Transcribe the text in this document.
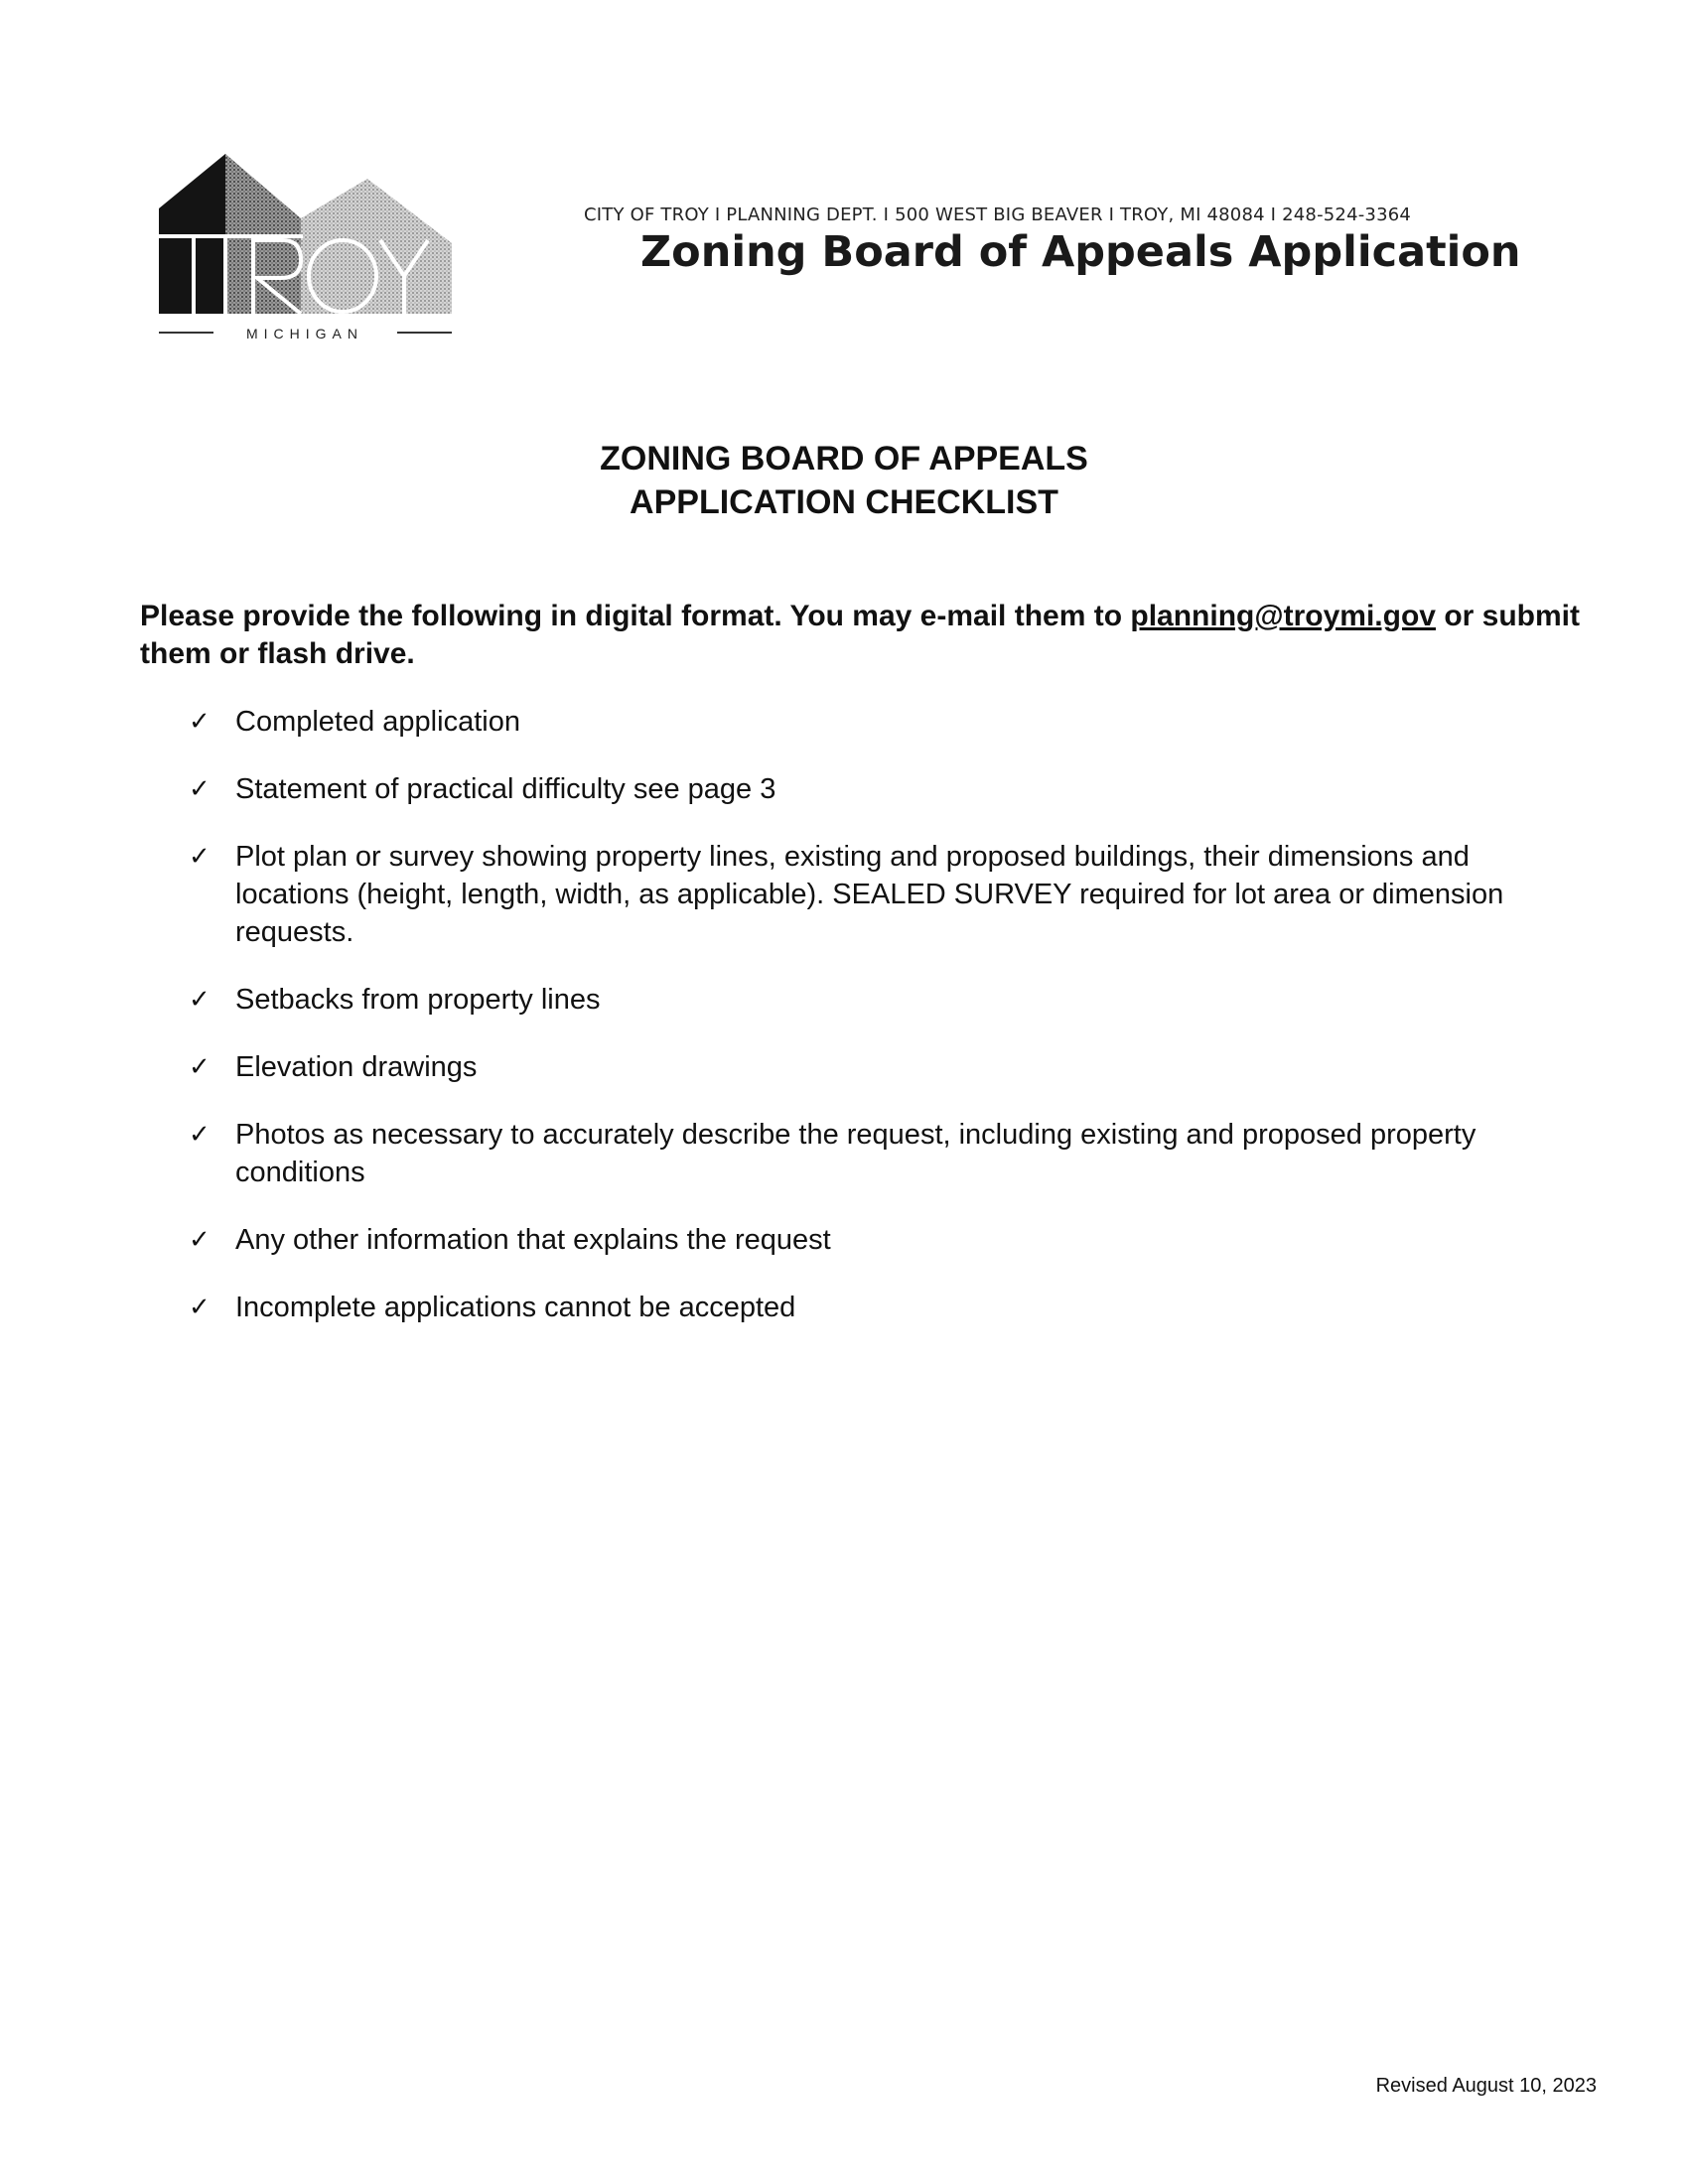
MICHIGAN
CITY OF TROY I PLANNING DEPT. I 500 WEST BIG BEAVER I TROY, MI 48084 I 248-524-3364
Zoning Board of Appeals Application
ZONING BOARD OF APPEALS
APPLICATION CHECKLIST
Please provide the following in digital format. You may e-mail them to planning@troymi.gov or submit them or flash drive.
✓ Completed application
✓ Statement of practical difficulty see page 3
✓ Plot plan or survey showing property lines, existing and proposed buildings, their dimensions and locations (height, length, width, as applicable). SEALED SURVEY required for lot area or dimension requests.
✓ Setbacks from property lines
✓ Elevation drawings
✓ Photos as necessary to accurately describe the request, including existing and proposed property conditions
✓ Any other information that explains the request
✓ Incomplete applications cannot be accepted
Revised August 10, 2023
